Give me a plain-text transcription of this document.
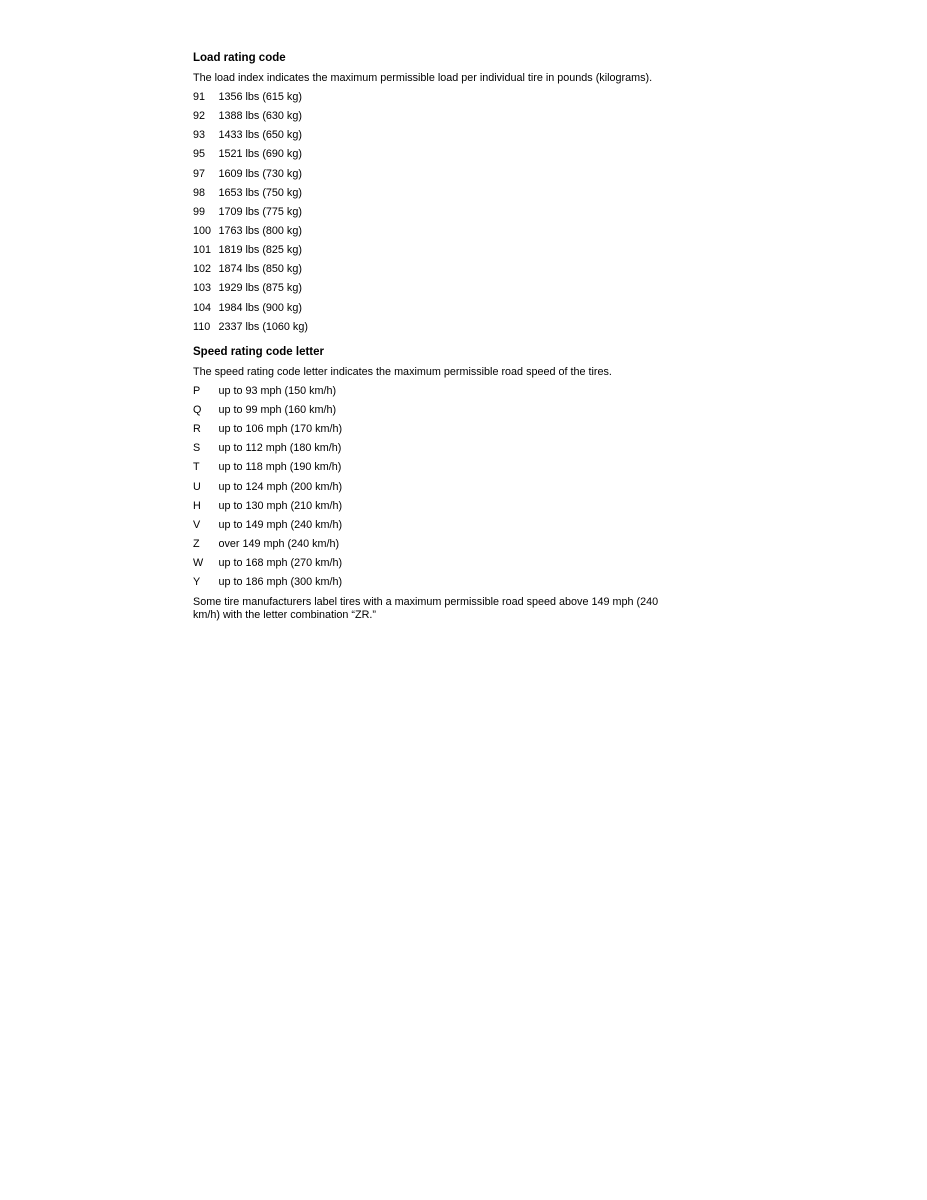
Load rating code

The load index indicates the maximum permissible load per individual tire in pounds (kilograms).

91	1356 lbs (615 kg)
92	1388 lbs (630 kg)
93	1433 lbs (650 kg)
95	1521 lbs (690 kg)
97	1609 lbs (730 kg)
98	1653 lbs (750 kg)
99	1709 lbs (775 kg)
100 1763 lbs (800 kg)
101 1819 lbs (825 kg)
102 1874 lbs (850 kg)
103 1929 lbs (875 kg)
104 1984 lbs (900 kg)
110 2337 lbs (1060 kg)

Speed rating code letter

The speed rating code letter indicates the maximum permissible road speed of the tires.

P	up to 93 mph (150 km/h)
Q	up to 99 mph (160 km/h)
R	up to 106 mph (170 km/h)
S	up to 112 mph (180 km/h)
T	up to 118 mph (190 km/h)
U	up to 124 mph (200 km/h)
H	up to 130 mph (210 km/h)
V	up to 149 mph (240 km/h)
Z	over 149 mph (240 km/h)
W	up to 168 mph (270 km/h)
Y	up to 186 mph (300 km/h)

Some tire manufacturers label tires with a maximum permissible road speed above 149 mph (240 km/h) with the letter combination “ZR.”
